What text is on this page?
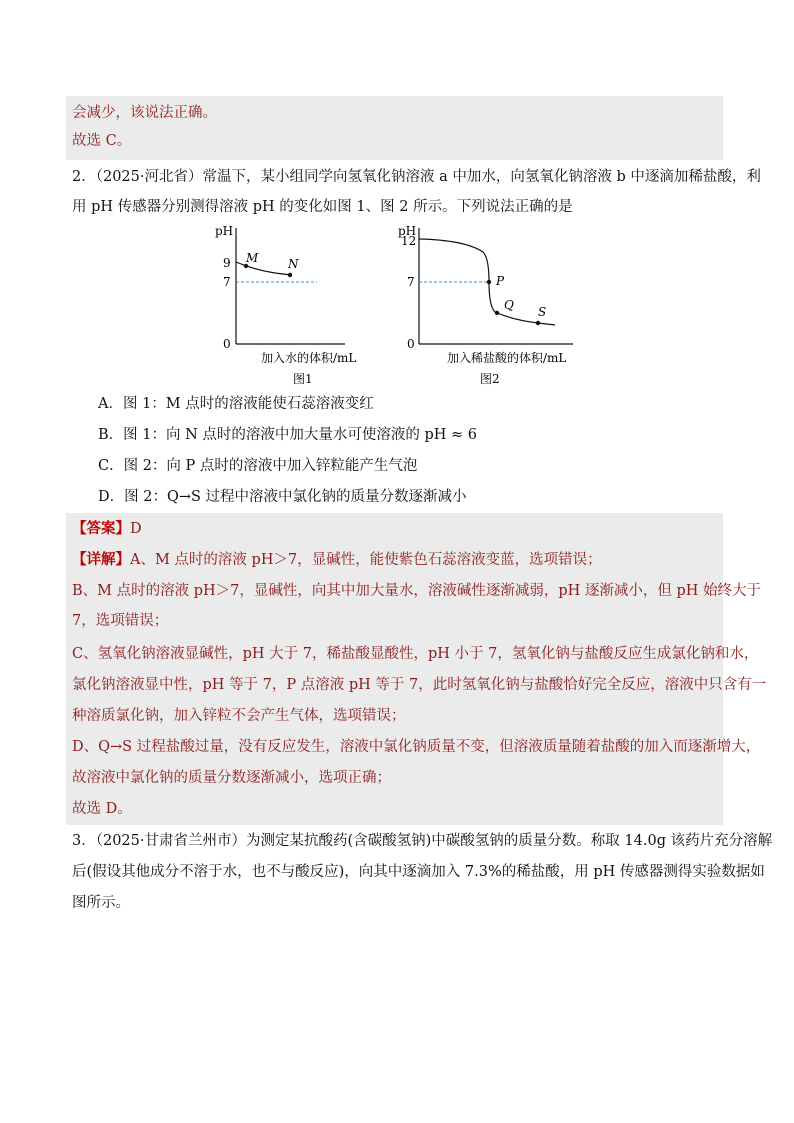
会减少，该说法正确。
故选 C。
2．（2025·河北省）常温下，某小组同学向氢氧化钠溶液 a 中加水，向氢氧化钠溶液 b 中逐滴加稀盐酸，利
用 pH 传感器分别测得溶液 pH 的变化如图 1、图 2 所示。下列说法正确的是
pH
9
7
0
M N
加入水的体积/mL
图1
pH
12
7
0
P
Q S
加入稀盐酸的体积/mL
图2
A．图 1：M 点时的溶液能使石蕊溶液变红
B．图 1：向 N 点时的溶液中加大量水可使溶液的 pH ≈ 6
C．图 2：向 P 点时的溶液中加入锌粒能产生气泡
D．图 2：Q→S 过程中溶液中氯化钠的质量分数逐渐减小
【答案】D
【详解】A、M 点时的溶液 pH＞7，显碱性，能使紫色石蕊溶液变蓝，选项错误；
B、M 点时的溶液 pH＞7，显碱性，向其中加大量水，溶液碱性逐渐减弱，pH 逐渐减小，但 pH 始终大于
7，选项错误；
C、氢氧化钠溶液显碱性，pH 大于 7，稀盐酸显酸性，pH 小于 7，氢氧化钠与盐酸反应生成氯化钠和水，
氯化钠溶液显中性，pH 等于 7，P 点溶液 pH 等于 7，此时氢氧化钠与盐酸恰好完全反应，溶液中只含有一
种溶质氯化钠，加入锌粒不会产生气体，选项错误；
D、Q→S 过程盐酸过量，没有反应发生，溶液中氯化钠质量不变，但溶液质量随着盐酸的加入而逐渐增大，
故溶液中氯化钠的质量分数逐渐减小，选项正确；
故选 D。
3．（2025·甘肃省兰州市）为测定某抗酸药(含碳酸氢钠)中碳酸氢钠的质量分数。称取 14.0g 该药片充分溶解
后(假设其他成分不溶于水，也不与酸反应)，向其中逐滴加入 7.3%的稀盐酸，用 pH 传感器测得实验数据如
图所示。
